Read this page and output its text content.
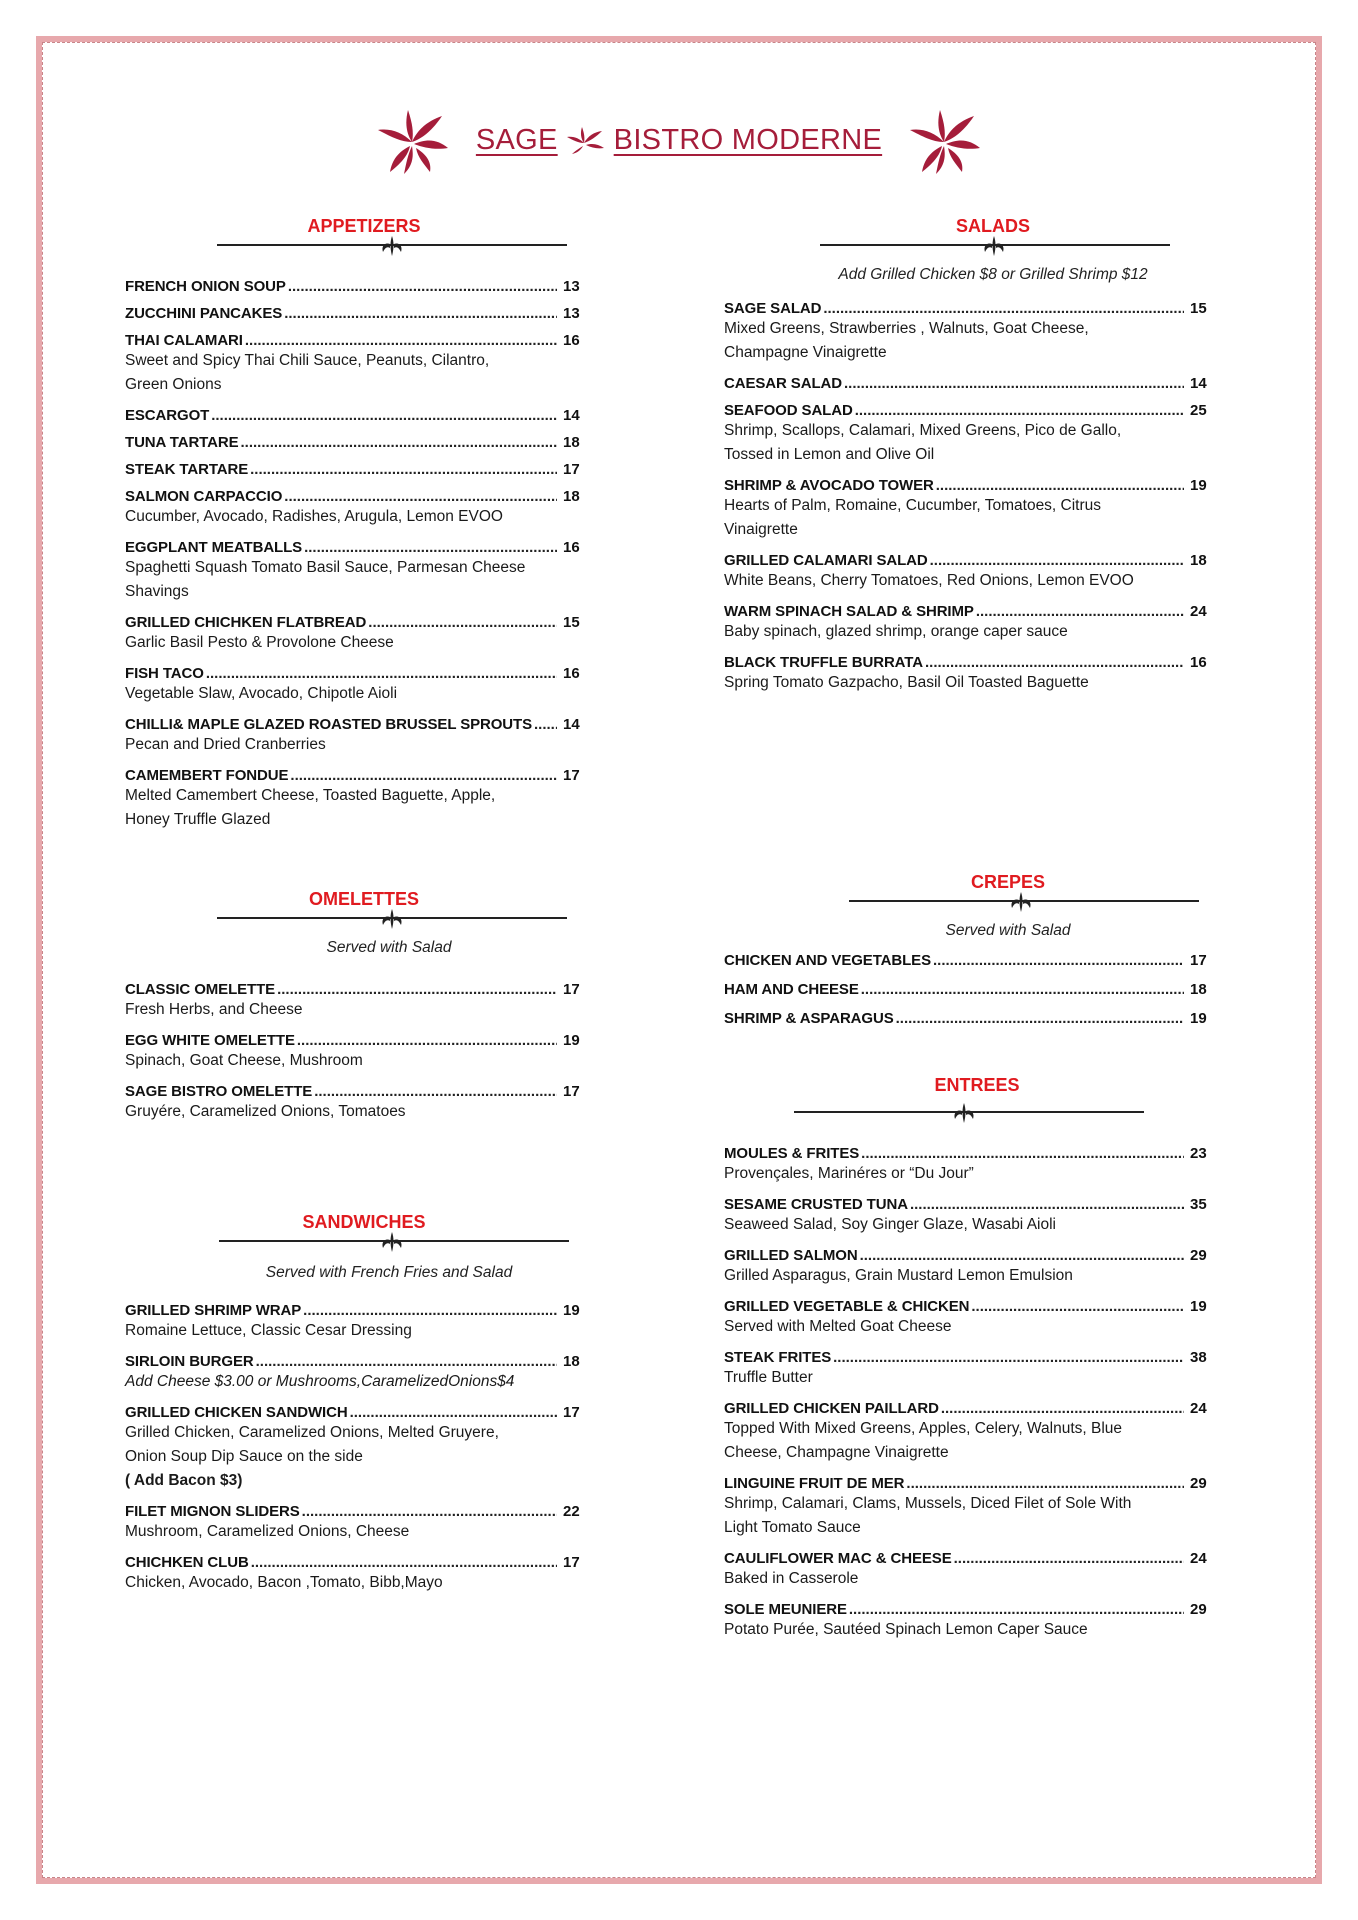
SAGE BISTRO MODERNE
APPETIZERS
FRENCH ONION SOUP .....	13
ZUCCHINI PANCAKES .....	13
THAI CALAMARI .....	16
Sweet and Spicy Thai Chili Sauce, Peanuts, Cilantro,
Green Onions
ESCARGOT .....	14
TUNA TARTARE .....	18
STEAK TARTARE .....	17
SALMON CARPACCIO .....	18
Cucumber, Avocado, Radishes, Arugula, Lemon EVOO
EGGPLANT MEATBALLS .....	16
Spaghetti Squash Tomato Basil Sauce, Parmesan Cheese
Shavings
GRILLED CHICHKEN FLATBREAD .....	15
Garlic Basil Pesto & Provolone Cheese
FISH TACO .....	16
Vegetable Slaw, Avocado, Chipotle Aioli
CHILLI& MAPLE GLAZED ROASTED BRUSSEL SPROUTS ..... 14
Pecan and Dried Cranberries
CAMEMBERT FONDUE .....	17
Melted Camembert Cheese, Toasted Baguette, Apple,
Honey Truffle Glazed
OMELETTES
Served with Salad
CLASSIC OMELETTE .....	17
Fresh Herbs, and Cheese
EGG WHITE OMELETTE .....	19
Spinach, Goat Cheese, Mushroom
SAGE BISTRO OMELETTE .....	17
Gruyére, Caramelized Onions, Tomatoes
SANDWICHES
Served with French Fries and Salad
GRILLED SHRIMP WRAP .....	19
Romaine Lettuce, Classic Cesar Dressing
SIRLOIN BURGER .....	18
Add Cheese $3.00 or Mushrooms,CaramelizedOnions$4
GRILLED CHICKEN SANDWICH .....	17
Grilled Chicken, Caramelized Onions, Melted Gruyere,
Onion Soup Dip Sauce on the side
( Add Bacon $3)
FILET MIGNON SLIDERS .....	22
Mushroom, Caramelized Onions, Cheese
CHICHKEN CLUB .....	17
Chicken, Avocado, Bacon ,Tomato, Bibb,Mayo
SALADS
Add Grilled Chicken $8 or Grilled Shrimp $12
SAGE SALAD .....	15
Mixed Greens, Strawberries , Walnuts, Goat Cheese,
Champagne Vinaigrette
CAESAR SALAD .....	14
SEAFOOD SALAD .....	25
Shrimp, Scallops, Calamari, Mixed Greens, Pico de Gallo,
Tossed in Lemon and Olive Oil
SHRIMP & AVOCADO TOWER .....	19
Hearts of Palm, Romaine, Cucumber, Tomatoes, Citrus
Vinaigrette
GRILLED CALAMARI SALAD .....	18
White Beans, Cherry Tomatoes, Red Onions, Lemon EVOO
WARM SPINACH SALAD & SHRIMP .....	24
Baby spinach, glazed shrimp, orange caper sauce
BLACK TRUFFLE BURRATA .....	16
Spring Tomato Gazpacho, Basil Oil Toasted Baguette
CREPES
Served with Salad
CHICKEN AND VEGETABLES .....	17
HAM AND CHEESE .....	18
SHRIMP & ASPARAGUS .....	19
ENTREES
MOULES & FRITES .....	23
Provençales, Marinéres or “Du Jour”
SESAME CRUSTED TUNA .....	35
Seaweed Salad, Soy Ginger Glaze, Wasabi Aioli
GRILLED SALMON .....	29
Grilled Asparagus, Grain Mustard Lemon Emulsion
GRILLED VEGETABLE & CHICKEN .....	19
Served with Melted Goat Cheese
STEAK FRITES .....	38
Truffle Butter
GRILLED CHICKEN PAILLARD .....	24
Topped With Mixed Greens, Apples, Celery, Walnuts, Blue
Cheese, Champagne Vinaigrette
LINGUINE FRUIT DE MER .....	29
Shrimp, Calamari, Clams, Mussels, Diced Filet of Sole With
Light Tomato Sauce
CAULIFLOWER MAC & CHEESE .....	24
Baked in Casserole
SOLE MEUNIERE .....	29
Potato Purée, Sautéed Spinach Lemon Caper Sauce
